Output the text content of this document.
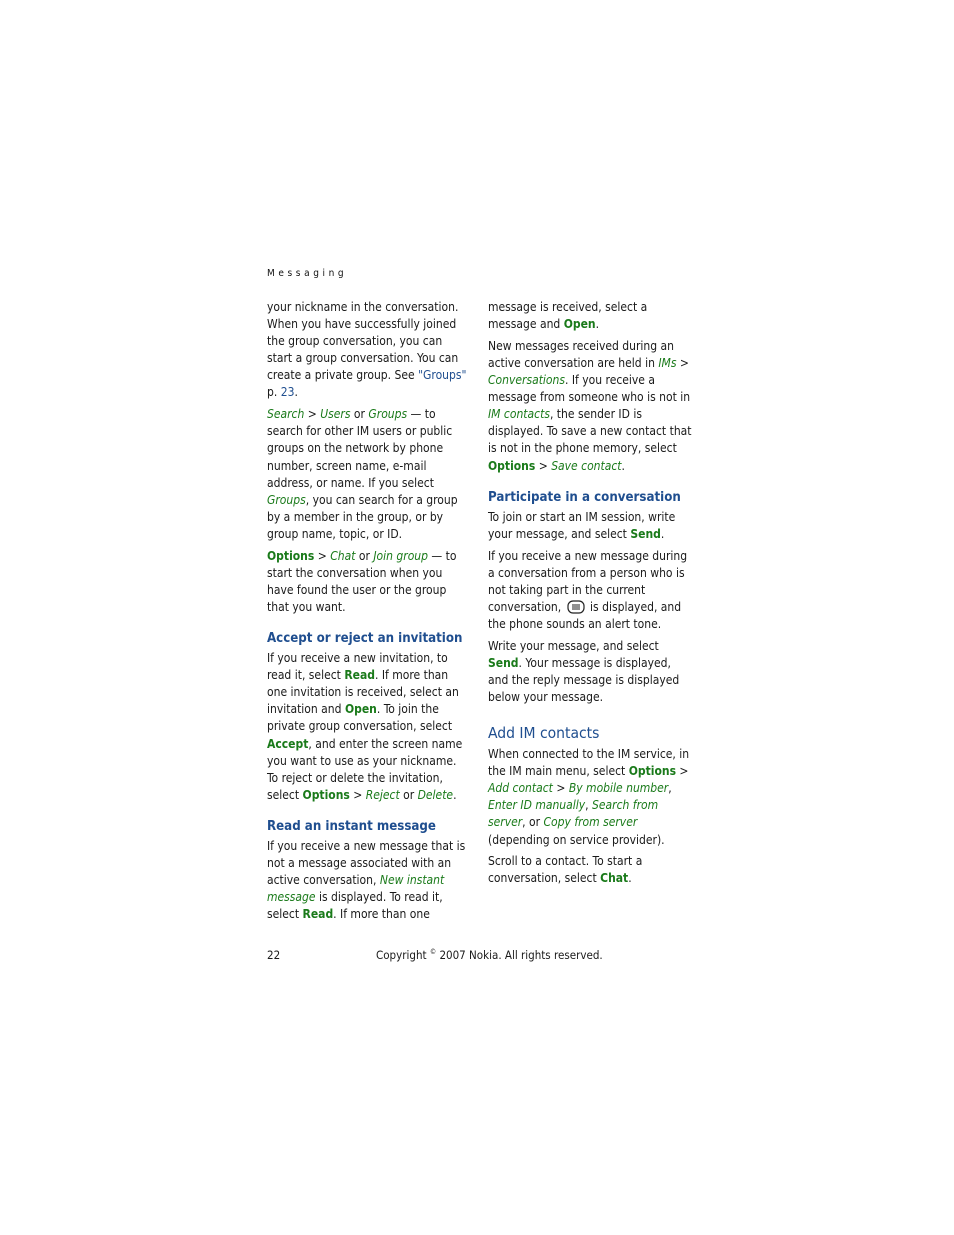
Messaging

your nickname in the conversation. When you have successfully joined the group conversation, you can start a group conversation. You can create a private group. See "Groups" p. 23.

Search > Users or Groups — to search for other IM users or public groups on the network by phone number, screen name, e-mail address, or name. If you select Groups, you can search for a group by a member in the group, or by group name, topic, or ID.

Options > Chat or Join group — to start the conversation when you have found the user or the group that you want.

Accept or reject an invitation

If you receive a new invitation, to read it, select Read. If more than one invitation is received, select an invitation and Open. To join the private group conversation, select Accept, and enter the screen name you want to use as your nickname. To reject or delete the invitation, select Options > Reject or Delete.

Read an instant message

If you receive a new message that is not a message associated with an active conversation, New instant message is displayed. To read it, select Read. If more than one

message is received, select a message and Open.

New messages received during an active conversation are held in IMs > Conversations. If you receive a message from someone who is not in IM contacts, the sender ID is displayed. To save a new contact that is not in the phone memory, select Options > Save contact.

Participate in a conversation

To join or start an IM session, write your message, and select Send.

If you receive a new message during a conversation from a person who is not taking part in the current conversation,  is displayed, and the phone sounds an alert tone.

Write your message, and select Send. Your message is displayed, and the reply message is displayed below your message.

Add IM contacts

When connected to the IM service, in the IM main menu, select Options > Add contact > By mobile number, Enter ID manually, Search from server, or Copy from server (depending on service provider).

Scroll to a contact. To start a conversation, select Chat.

22	Copyright © 2007 Nokia. All rights reserved.
